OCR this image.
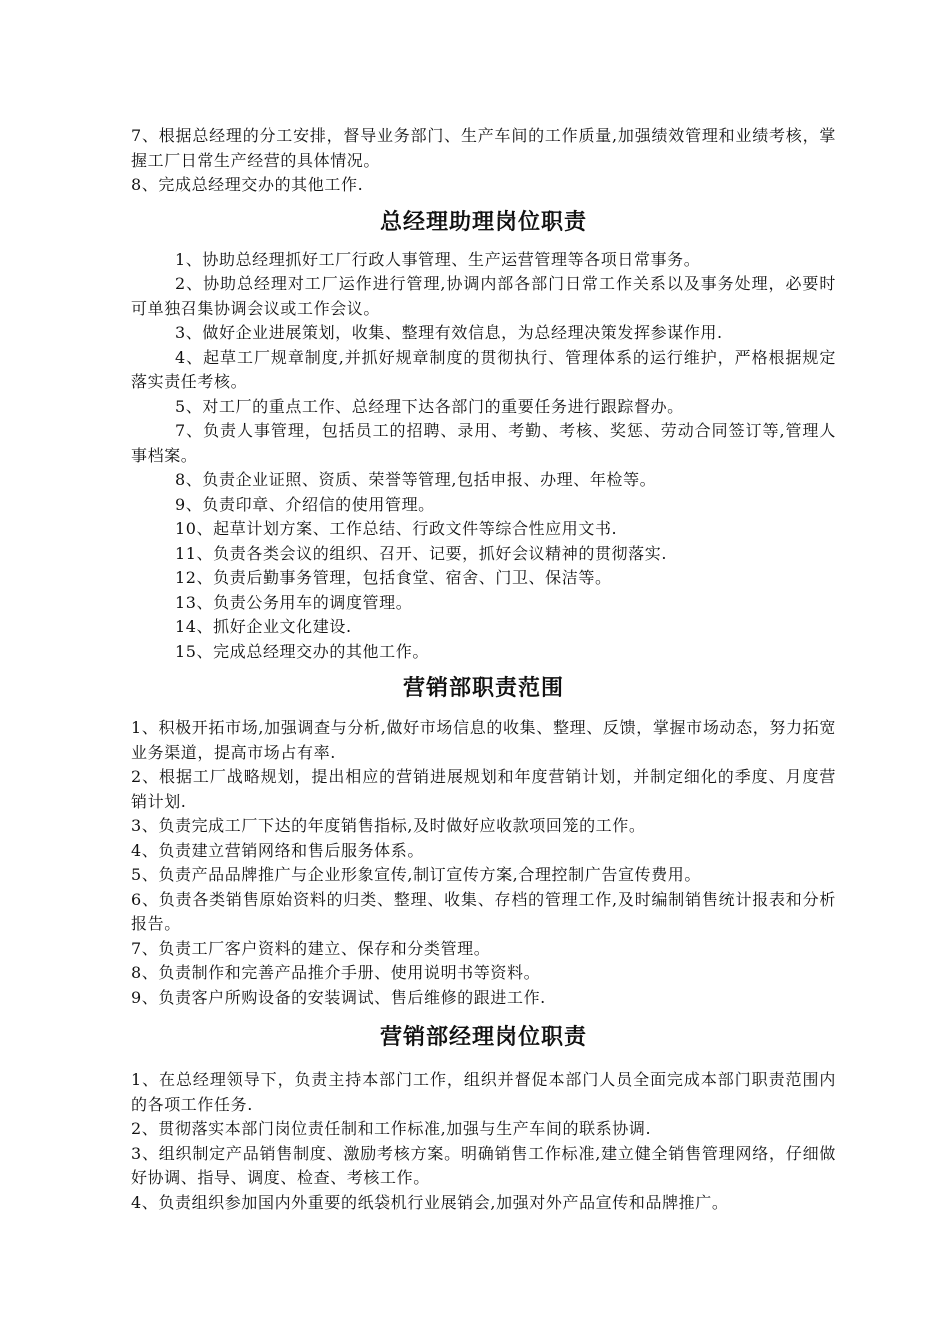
7、根据总经理的分工安排，督导业务部门、生产车间的工作质量,加强绩效管理和业绩考核，掌握工厂日常生产经营的具体情况。

8、完成总经理交办的其他工作.

总经理助理岗位职责

1、协助总经理抓好工厂行政人事管理、生产运营管理等各项日常事务。

2、协助总经理对工厂运作进行管理,协调内部各部门日常工作关系以及事务处理，必要时可单独召集协调会议或工作会议。

3、做好企业进展策划，收集、整理有效信息，为总经理决策发挥参谋作用.

4、起草工厂规章制度,并抓好规章制度的贯彻执行、管理体系的运行维护，严格根据规定落实责任考核。

5、对工厂的重点工作、总经理下达各部门的重要任务进行跟踪督办。

7、负责人事管理，包括员工的招聘、录用、考勤、考核、奖惩、劳动合同签订等,管理人事档案。

8、负责企业证照、资质、荣誉等管理,包括申报、办理、年检等。

9、负责印章、介绍信的使用管理。

10、起草计划方案、工作总结、行政文件等综合性应用文书.

11、负责各类会议的组织、召开、记要，抓好会议精神的贯彻落实.

12、负责后勤事务管理，包括食堂、宿舍、门卫、保洁等。

13、负责公务用车的调度管理。

14、抓好企业文化建设.

15、完成总经理交办的其他工作。

营销部职责范围

1、积极开拓市场,加强调查与分析,做好市场信息的收集、整理、反馈，掌握市场动态，努力拓宽业务渠道，提高市场占有率.

2、根据工厂战略规划，提出相应的营销进展规划和年度营销计划，并制定细化的季度、月度营销计划.

3、负责完成工厂下达的年度销售指标,及时做好应收款项回笼的工作。

4、负责建立营销网络和售后服务体系。

5、负责产品品牌推广与企业形象宣传,制订宣传方案,合理控制广告宣传费用。

6、负责各类销售原始资料的归类、整理、收集、存档的管理工作,及时编制销售统计报表和分析报告。

7、负责工厂客户资料的建立、保存和分类管理。

8、负责制作和完善产品推介手册、使用说明书等资料。

9、负责客户所购设备的安装调试、售后维修的跟进工作.

营销部经理岗位职责

1、在总经理领导下，负责主持本部门工作，组织并督促本部门人员全面完成本部门职责范围内的各项工作任务.

2、贯彻落实本部门岗位责任制和工作标准,加强与生产车间的联系协调.

3、组织制定产品销售制度、激励考核方案。明确销售工作标准,建立健全销售管理网络，仔细做好协调、指导、调度、检查、考核工作。

4、负责组织参加国内外重要的纸袋机行业展销会,加强对外产品宣传和品牌推广。
